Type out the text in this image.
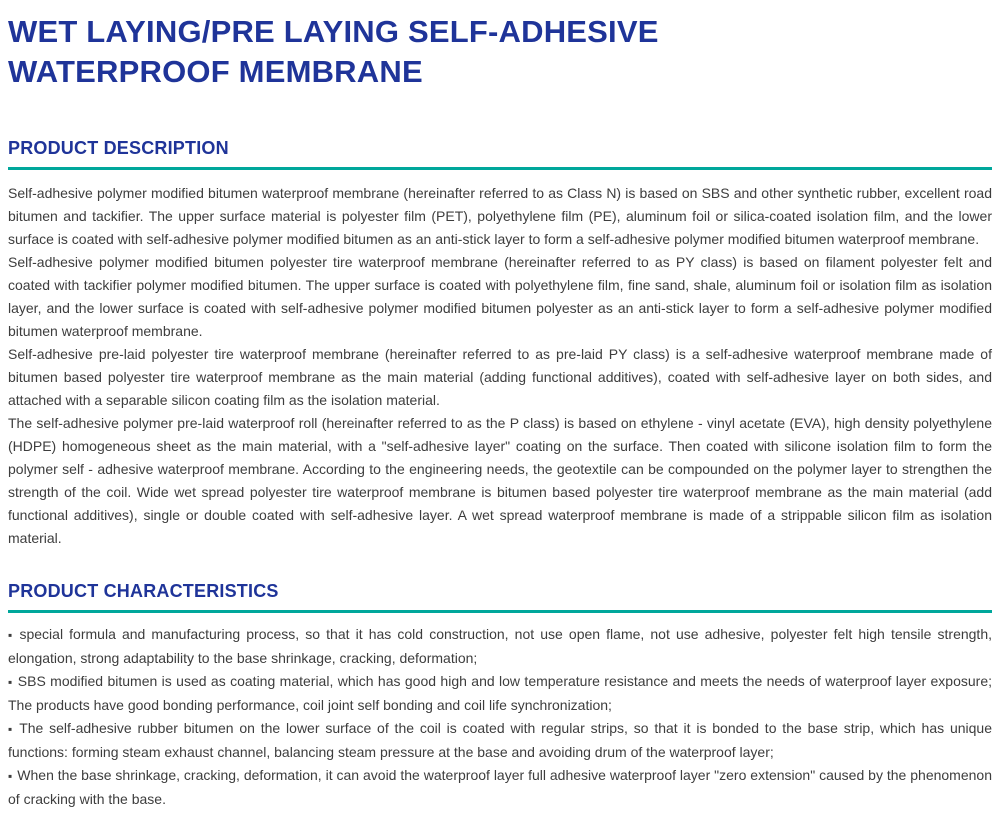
WET LAYING/PRE LAYING SELF-ADHESIVE
WATERPROOF MEMBRANE
PRODUCT DESCRIPTION

Self-adhesive polymer modified bitumen waterproof membrane (hereinafter referred to as Class N) is based on SBS and other synthetic rubber, excellent road bitumen and tackifier. The upper surface material is polyester film (PET), polyethylene film (PE), aluminum foil or silica-coated isolation film, and the lower surface is coated with self-adhesive polymer modified bitumen as an anti-stick layer to form a self-adhesive polymer modified bitumen waterproof membrane.

Self-adhesive polymer modified bitumen polyester tire waterproof membrane (hereinafter referred to as PY class) is based on filament polyester felt and coated with tackifier polymer modified bitumen. The upper surface is coated with polyethylene film, fine sand, shale, aluminum foil or isolation film as isolation layer, and the lower surface is coated with self-adhesive polymer modified bitumen polyester as an anti-stick layer to form a self-adhesive polymer modified bitumen waterproof membrane.

Self-adhesive pre-laid polyester tire waterproof membrane (hereinafter referred to as pre-laid PY class) is a self-adhesive waterproof membrane made of bitumen based polyester tire waterproof membrane as the main material (adding functional additives), coated with self-adhesive layer on both sides, and attached with a separable silicon coating film as the isolation material.

The self-adhesive polymer pre-laid waterproof roll (hereinafter referred to as the P class) is based on ethylene - vinyl acetate (EVA), high density polyethylene (HDPE) homogeneous sheet as the main material, with a "self-adhesive layer" coating on the surface. Then coated with silicone isolation film to form the polymer self - adhesive waterproof membrane. According to the engineering needs, the geotextile can be compounded on the polymer layer to strengthen the strength of the coil. Wide wet spread polyester tire waterproof membrane is bitumen based polyester tire waterproof membrane as the main material (add functional additives), single or double coated with self-adhesive layer. A wet spread waterproof membrane is made of a strippable silicon film as isolation material.

PRODUCT CHARACTERISTICS

▪ special formula and manufacturing process, so that it has cold construction, not use open flame, not use adhesive, polyester felt high tensile strength, elongation, strong adaptability to the base shrinkage, cracking, deformation;

▪ SBS modified bitumen is used as coating material, which has good high and low temperature resistance and meets the needs of waterproof layer exposure; The products have good bonding performance, coil joint self bonding and coil life synchronization;

▪ The self-adhesive rubber bitumen on the lower surface of the coil is coated with regular strips, so that it is bonded to the base strip, which has unique functions: forming steam exhaust channel, balancing steam pressure at the base and avoiding drum of the waterproof layer;

▪ When the base shrinkage, cracking, deformation, it can avoid the waterproof layer full adhesive waterproof layer "zero extension" caused by the phenomenon of cracking with the base.
